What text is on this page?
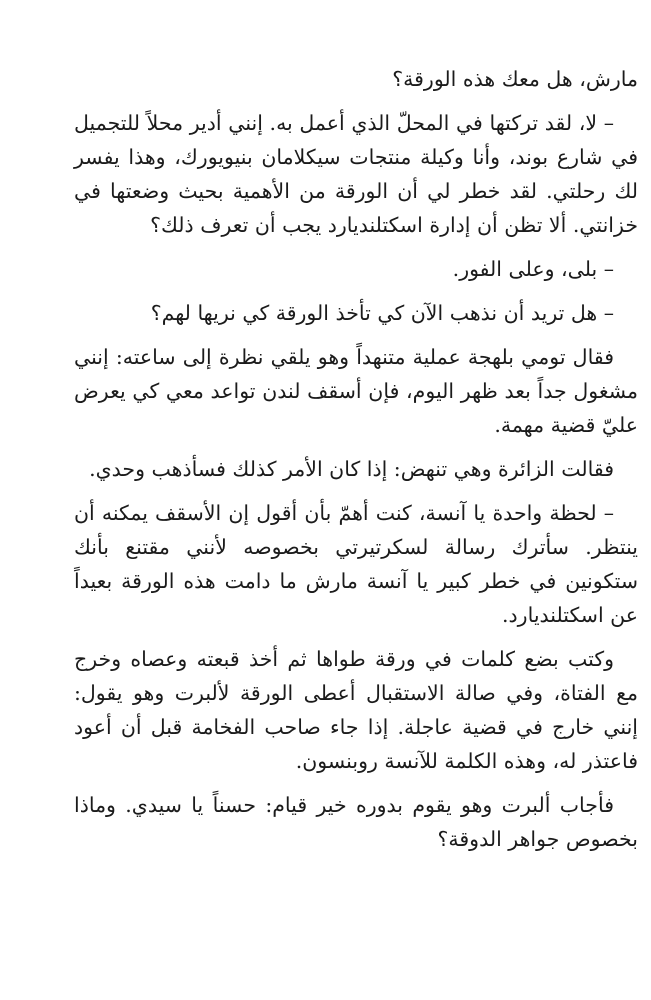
مارش، هل معك هذه الورقة؟

– لا، لقد تركتها في المحلّ الذي أعمل به. إنني أدير محلاً للتجميل في شارع بوند، وأنا وكيلة منتجات سيكلامان بنيويورك، وهذا يفسر لك رحلتي. لقد خطر لي أن الورقة من الأهمية بحيث وضعتها في خزانتي. ألا تظن أن إدارة اسكتلنديارد يجب أن تعرف ذلك؟

– بلى، وعلى الفور.

– هل تريد أن نذهب الآن كي تأخذ الورقة كي نريها لهم؟

فقال تومي بلهجة عملية متنهداً وهو يلقي نظرة إلى ساعته: إنني مشغول جداً بعد ظهر اليوم، فإن أسقف لندن تواعد معي كي يعرض عليّ قضية مهمة.

فقالت الزائرة وهي تنهض: إذا كان الأمر كذلك فسأذهب وحدي.

– لحظة واحدة يا آنسة، كنت أهمّ بأن أقول إن الأسقف يمكنه أن ينتظر. سأترك رسالة لسكرتيرتي بخصوصه لأنني مقتنع بأنك ستكونين في خطر كبير يا آنسة مارش ما دامت هذه الورقة بعيداً عن اسكتلنديارد.

وكتب بضع كلمات في ورقة طواها ثم أخذ قبعته وعصاه وخرج مع الفتاة، وفي صالة الاستقبال أعطى الورقة لألبرت وهو يقول: إنني خارج في قضية عاجلة. إذا جاء صاحب الفخامة قبل أن أعود فاعتذر له، وهذه الكلمة للآنسة روبنسون.

فأجاب ألبرت وهو يقوم بدوره خير قيام: حسناً يا سيدي. وماذا بخصوص جواهر الدوقة؟
